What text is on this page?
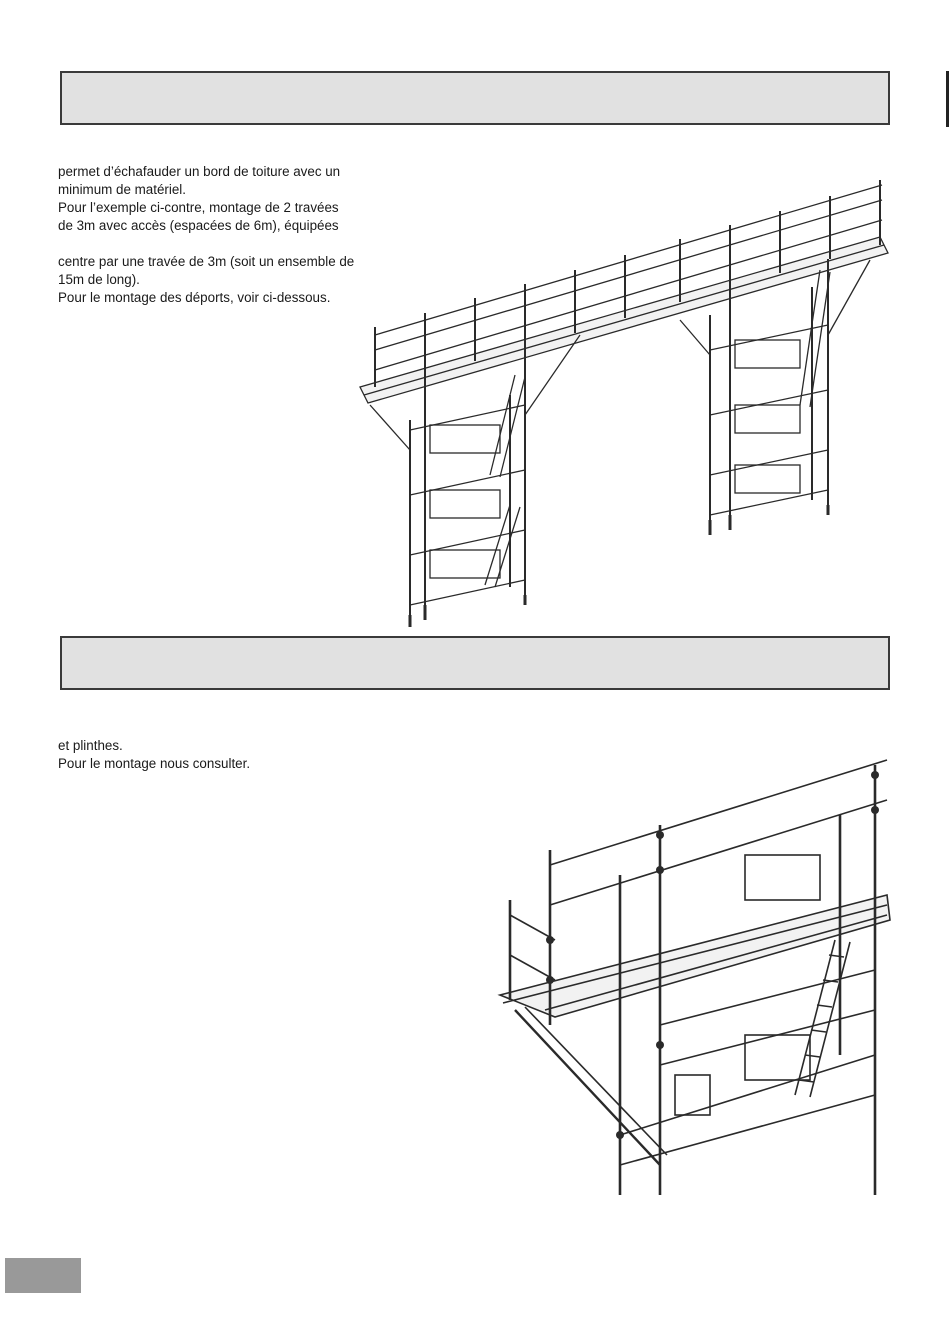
permet d’échafauder un bord de toiture avec un

minimum de matériel.

Pour l’exemple ci-contre, montage de 2 travées

de 3m avec accès (espacées de 6m), équipées

centre par une travée de 3m (soit un ensemble de

15m de long).

Pour le montage des déports, voir ci-dessous.

et plinthes.

Pour le montage nous consulter.
